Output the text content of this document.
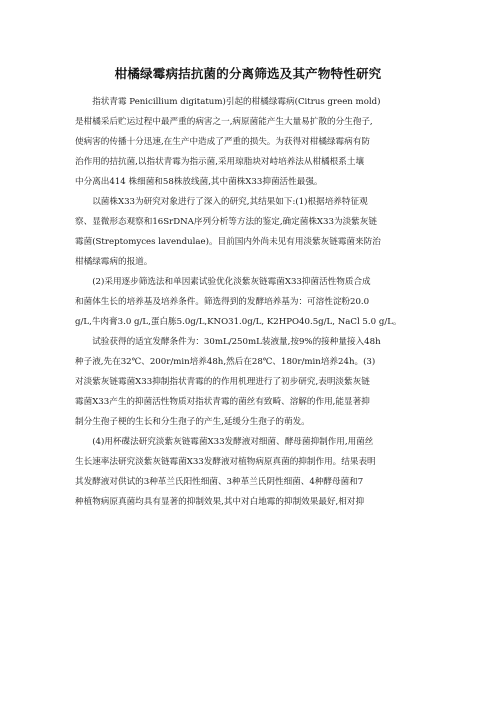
柑橘绿霉病拮抗菌的分离筛选及其产物特性研究
　　指状青霉 Penicillium digitatum)引起的柑橘绿霉病(Citrus green mold)
是柑橘采后贮运过程中最严重的病害之一,病原菌能产生大量易扩散的分生孢子,
使病害的传播十分迅速,在生产中造成了严重的损失。为获得对柑橘绿霉病有防
治作用的拮抗菌,以指状青霉为指示菌,采用琼脂块对峙培养法从柑橘根系土壤
中分离出414 株细菌和58株放线菌,其中菌株X33抑菌活性最强。
　　以菌株X33为研究对象进行了深入的研究,其结果如下:(1)根据培养特征观
察、显微形态观察和16SrDNA序列分析等方法的鉴定,确定菌株X33为淡紫灰链
霉菌(Streptomyces lavendulae)。目前国内外尚未见有用淡紫灰链霉菌来防治
柑橘绿霉病的报道。
　　(2)采用逐步筛选法和单因素试验优化淡紫灰链霉菌X33抑菌活性物质合成
和菌体生长的培养基及培养条件。筛选得到的发酵培养基为：可溶性淀粉20.0
g/L,牛肉膏3.0 g/L,蛋白胨5.0g/L,KNO31.0g/L, K2HPO40.5g/L, NaCl 5.0 g/L。
　　试验获得的适宜发酵条件为：30mL/250mL装液量,按9%的接种量接入48h
种子液,先在32℃、200r/min培养48h,然后在28℃、180r/min培养24h。(3)
对淡紫灰链霉菌X33抑制指状青霉的的作用机理进行了初步研究,表明淡紫灰链
霉菌X33产生的抑菌活性物质对指状青霉的菌丝有致畸、溶解的作用,能显著抑
制分生孢子梗的生长和分生孢子的产生,延缓分生孢子的萌发。
　　(4)用杯碟法研究淡紫灰链霉菌X33发酵液对细菌、酵母菌抑制作用,用菌丝
生长速率法研究淡紫灰链霉菌X33发酵液对植物病原真菌的抑制作用。结果表明
其发酵液对供试的3种革兰氏阳性细菌、3种革兰氏阴性细菌、4种酵母菌和7
种植物病原真菌均具有显著的抑制效果,其中对白地霉的抑制效果最好,相对抑
